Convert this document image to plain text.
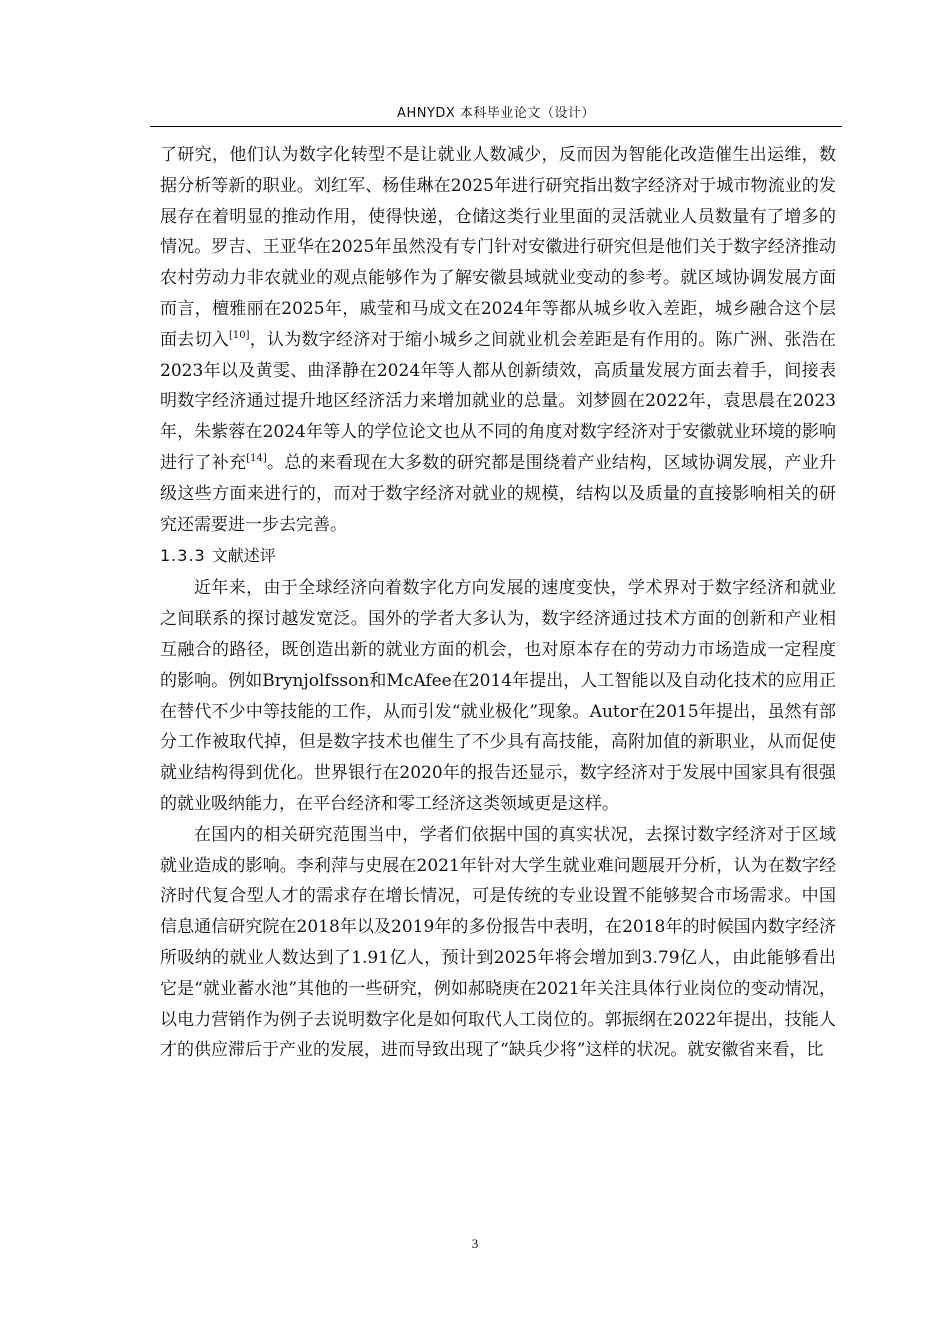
AHNYDX 本科毕业论文（设计）

了研究，他们认为数字化转型不是让就业人数减少，反而因为智能化改造催生出运维，数据分析等新的职业。刘红军、杨佳琳在2025年进行研究指出数字经济对于城市物流业的发展存在着明显的推动作用，使得快递，仓储这类行业里面的灵活就业人员数量有了增多的情况。罗吉、王亚华在2025年虽然没有专门针对安徽进行研究但是他们关于数字经济推动农村劳动力非农就业的观点能够作为了解安徽县域就业变动的参考。就区域协调发展方面而言，檀雅丽在2025年，戚莹和马成文在2024年等都从城乡收入差距，城乡融合这个层面去切入[10]，认为数字经济对于缩小城乡之间就业机会差距是有作用的。陈广洲、张浩在2023年以及黄雯、曲泽静在2024年等人都从创新绩效，高质量发展方面去着手，间接表明数字经济通过提升地区经济活力来增加就业的总量。刘梦圆在2022年，袁思晨在2023年，朱紫蓉在2024年等人的学位论文也从不同的角度对数字经济对于安徽就业环境的影响进行了补充[14]。总的来看现在大多数的研究都是围绕着产业结构，区域协调发展，产业升级这些方面来进行的，而对于数字经济对就业的规模，结构以及质量的直接影响相关的研究还需要进一步去完善。

1.3.3 文献述评

近年来，由于全球经济向着数字化方向发展的速度变快，学术界对于数字经济和就业之间联系的探讨越发宽泛。国外的学者大多认为，数字经济通过技术方面的创新和产业相互融合的路径，既创造出新的就业方面的机会，也对原本存在的劳动力市场造成一定程度的影响。例如Brynjolfsson和McAfee在2014年提出，人工智能以及自动化技术的应用正在替代不少中等技能的工作，从而引发“就业极化”现象。Autor在2015年提出，虽然有部分工作被取代掉，但是数字技术也催生了不少具有高技能，高附加值的新职业，从而促使就业结构得到优化。世界银行在2020年的报告还显示，数字经济对于发展中国家具有很强的就业吸纳能力，在平台经济和零工经济这类领域更是这样。

在国内的相关研究范围当中，学者们依据中国的真实状况，去探讨数字经济对于区域就业造成的影响。李利萍与史展在2021年针对大学生就业难问题展开分析，认为在数字经济时代复合型人才的需求存在增长情况，可是传统的专业设置不能够契合市场需求。中国信息通信研究院在2018年以及2019年的多份报告中表明，在2018年的时候国内数字经济所吸纳的就业人数达到了1.91亿人，预计到2025年将会增加到3.79亿人，由此能够看出它是“就业蓄水池”其他的一些研究，例如郝晓庚在2021年关注具体行业岗位的变动情况，以电力营销作为例子去说明数字化是如何取代人工岗位的。郭振纲在2022年提出，技能人才的供应滞后于产业的发展，进而导致出现了“缺兵少将”这样的状况。就安徽省来看，比

3
